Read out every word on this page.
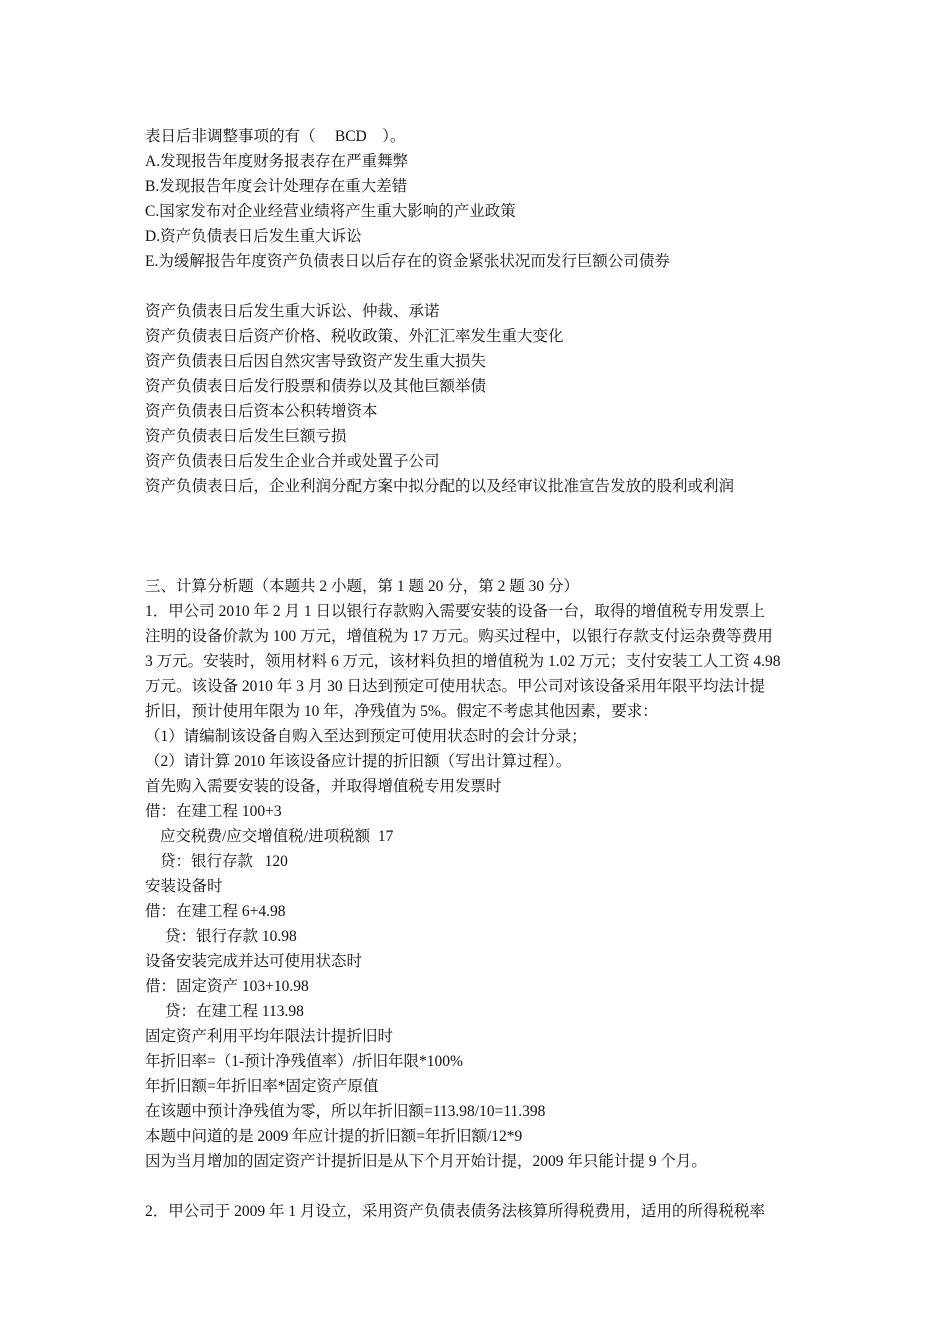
表日后非调整事项的有（     BCD    ）。
A.发现报告年度财务报表存在严重舞弊
B.发现报告年度会计处理存在重大差错
C.国家发布对企业经营业绩将产生重大影响的产业政策
D.资产负债表日后发生重大诉讼
E.为缓解报告年度资产负债表日以后存在的资金紧张状况而发行巨额公司债券
资产负债表日后发生重大诉讼、仲裁、承诺
资产负债表日后资产价格、税收政策、外汇汇率发生重大变化
资产负债表日后因自然灾害导致资产发生重大损失
资产负债表日后发行股票和债券以及其他巨额举债
资产负债表日后资本公积转增资本
资产负债表日后发生巨额亏损
资产负债表日后发生企业合并或处置子公司
资产负债表日后，企业利润分配方案中拟分配的以及经审议批准宣告发放的股利或利润
三、计算分析题（本题共 2 小题，第 1 题 20 分，第 2 题 30 分）
1．甲公司 2010 年 2 月 1 日以银行存款购入需要安装的设备一台，取得的增值税专用发票上
注明的设备价款为 100 万元，增值税为 17 万元。购买过程中，以银行存款支付运杂费等费用
3 万元。安装时，领用材料 6 万元，该材料负担的增值税为 1.02 万元；支付安装工人工资 4.98
万元。该设备 2010 年 3 月 30 日达到预定可使用状态。甲公司对该设备采用年限平均法计提
折旧，预计使用年限为 10 年，净残值为 5%。假定不考虑其他因素，要求：
（1）请编制该设备自购入至达到预定可使用状态时的会计分录；
（2）请计算 2010 年该设备应计提的折旧额（写出计算过程）。
首先购入需要安装的设备，并取得增值税专用发票时
借：在建工程 100+3
应交税费/应交增值税/进项税额  17
贷：银行存款   120
安装设备时
借：在建工程 6+4.98
贷：银行存款 10.98
设备安装完成并达可使用状态时
借：固定资产 103+10.98
贷：在建工程 113.98
固定资产利用平均年限法计提折旧时
年折旧率=（1-预计净残值率）/折旧年限*100%
年折旧额=年折旧率*固定资产原值
在该题中预计净残值为零，所以年折旧额=113.98/10=11.398
本题中问道的是 2009 年应计提的折旧额=年折旧额/12*9
因为当月增加的固定资产计提折旧是从下个月开始计提，2009 年只能计提 9 个月。
2．甲公司于 2009 年 1 月设立，采用资产负债表债务法核算所得税费用，适用的所得税税率
